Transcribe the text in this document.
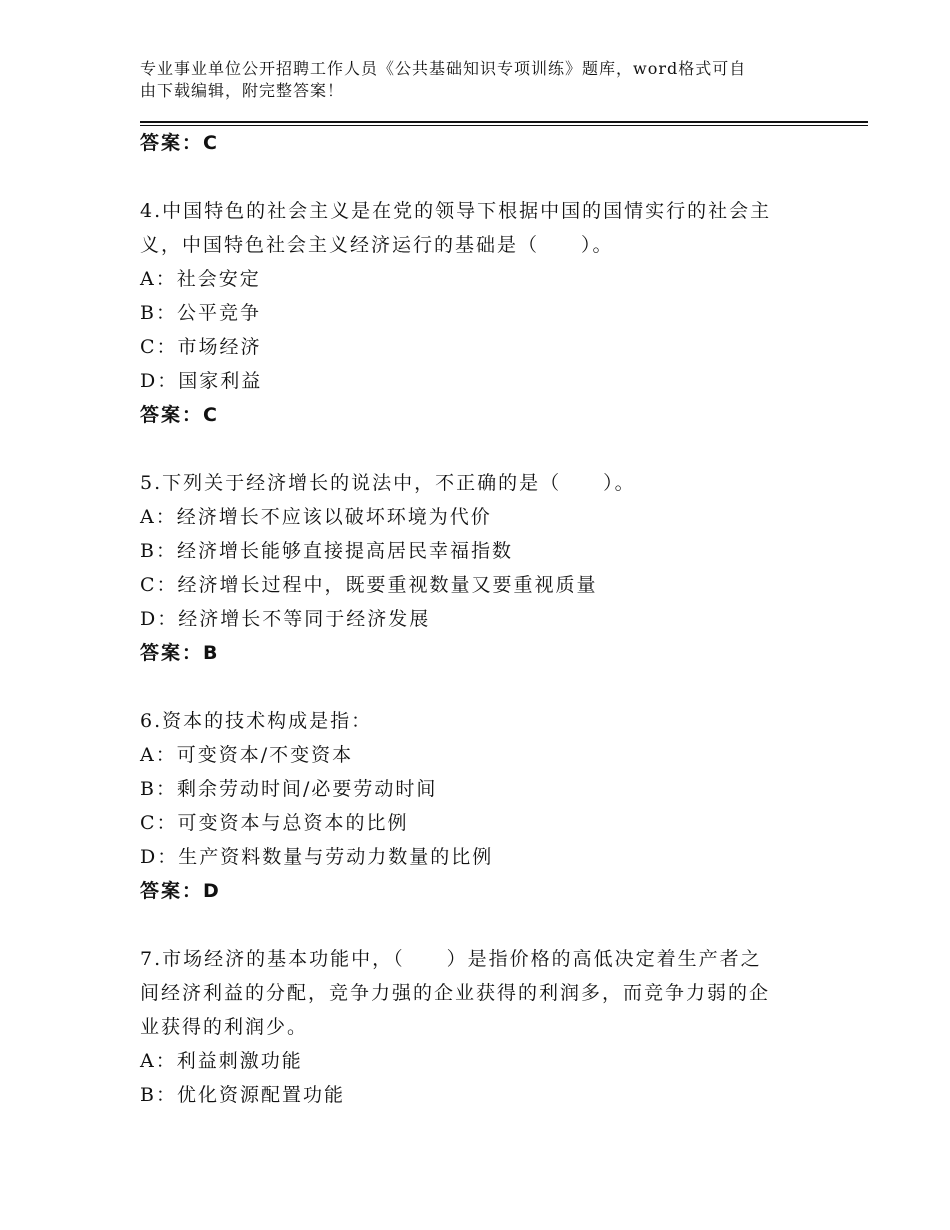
专业事业单位公开招聘工作人员《公共基础知识专项训练》题库，word格式可自
由下载编辑，附完整答案！
答案：C
4.中国特色的社会主义是在党的领导下根据中国的国情实行的社会主
义，中国特色社会主义经济运行的基础是（　　）。
A：社会安定
B：公平竞争
C：市场经济
D：国家利益
答案：C
5.下列关于经济增长的说法中，不正确的是（　　）。
A：经济增长不应该以破坏环境为代价
B：经济增长能够直接提高居民幸福指数
C：经济增长过程中，既要重视数量又要重视质量
D：经济增长不等同于经济发展
答案：B
6.资本的技术构成是指：
A：可变资本/不变资本
B：剩余劳动时间/必要劳动时间
C：可变资本与总资本的比例
D：生产资料数量与劳动力数量的比例
答案：D
7.市场经济的基本功能中，（　　）是指价格的高低决定着生产者之
间经济利益的分配，竞争力强的企业获得的利润多，而竞争力弱的企
业获得的利润少。
A：利益刺激功能
B：优化资源配置功能
